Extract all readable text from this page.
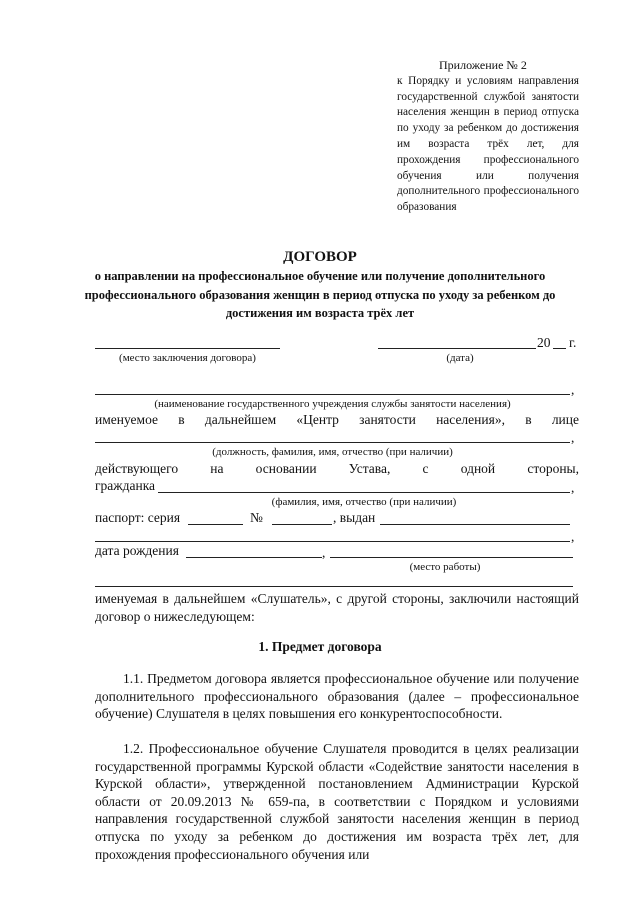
Приложение № 2
к Порядку и условиям направления государственной службой занятости населения женщин в период отпуска по уходу за ребенком до достижения им возраста трёх лет, для прохождения профессионального обучения или получения дополнительного профессионального образования
ДОГОВОР
о направлении на профессиональное обучение или получение дополнительного профессионального образования женщин в период отпуска по уходу за ребенком до достижения им возраста трёх лет
20 г.
(место заключения договора)	(дата)
,
(наименование государственного учреждения службы занятости населения)
именуемое в дальнейшем «Центр занятости населения», в лице
,
(должность, фамилия, имя, отчество (при наличии)
действующего на основании Устава, с одной стороны,
гражданка	,
(фамилия, имя, отчество (при наличии)
паспорт: серия	№	, выдан
,
дата рождения	,
(место работы)
именуемая в дальнейшем «Слушатель», с другой стороны, заключили настоящий договор о нижеследующем:
1. Предмет договора
1.1. Предметом договора является профессиональное обучение или получение дополнительного профессионального образования (далее – профессиональное обучение) Слушателя в целях повышения его конкурентоспособности.
1.2. Профессиональное обучение Слушателя проводится в целях реализации государственной программы Курской области «Содействие занятости населения в Курской области», утвержденной постановлением Администрации Курской области от 20.09.2013 № 659-па, в соответствии с Порядком и условиями направления государственной службой занятости населения женщин в период отпуска по уходу за ребенком до достижения им возраста трёх лет, для прохождения профессионального обучения или
